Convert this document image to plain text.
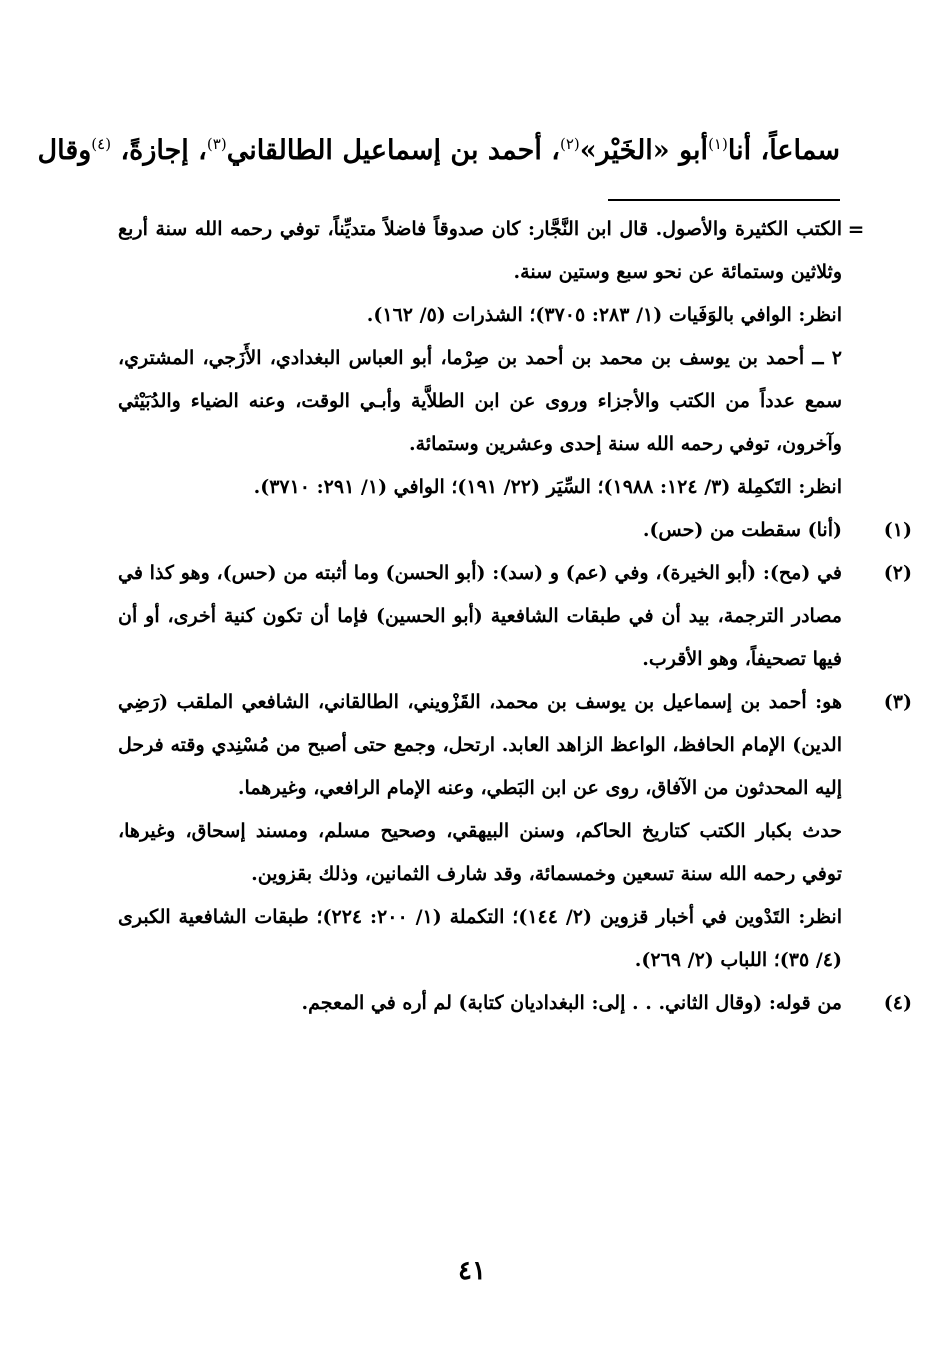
سماعاً، أنا$^{(١)}$أبو «الخَيْر»$^{(٢)}$، أحمد بن إسماعيل الطالقاني$^{(٣)}$، إجازةً، $^{(٤)}$وقال
=

الكتب الكثيرة والأصول. قال ابن النَّجَّار: كان صدوقاً فاضلاً متديِّناً، توفي رحمه الله سنة أربع وثلاثين وستمائة عن نحو سبع وستين سنة.

انظر: الوافي بالوَفَيات (١/ ٢٨٣: ٣٧٠٥)؛ الشذرات (٥/ ١٦٢).

٢ ــ أحمد بن يوسف بن محمد بن أحمد بن صِرْما، أبو العباس البغدادي، الأَزَجي، المشتري، سمع عدداً من الكتب والأجزاء وروى عن ابن الطلاَّية وأبـي الوقت، وعنه الضياء والدُبَيْثي وآخرون، توفي رحمه الله سنة إحدى وعشرين وستمائة.

انظر: التَكمِلة (٣/ ١٢٤: ١٩٨٨)؛ السِّيَر (٢٢/ ١٩١)؛ الوافي (١/ ٢٩١: ٣٧١٠).

(١)
(أنا) سقطت من (حس).

(٢)
في (مح): (أبو الخيرة)، وفي (عم) و (سد): (أبو الحسن) وما أثبته من (حس)، وهو كذا في مصادر الترجمة، بيد أن في طبقات الشافعية (أبو الحسين) فإما أن تكون كنية أخرى، أو أن فيها تصحيفاً، وهو الأقرب.

(٣)
هو: أحمد بن إسماعيل بن يوسف بن محمد، القَزْويني، الطالقاني، الشافعي الملقب (رَضِي الدين) الإمام الحافظ، الواعظ الزاهد العابد. ارتحل، وجمع حتى أصبح من مُسْنِدي وقته فرحل إليه المحدثون من الآفاق، روى عن ابن البَطي، وعنه الإمام الرافعي، وغيرهما.

حدث بكبار الكتب كتاريخ الحاكم، وسنن البيهقي، وصحيح مسلم، ومسند إسحاق، وغيرها، توفي رحمه الله سنة تسعين وخمسمائة، وقد شارف الثمانين، وذلك بقزوين.

انظر: التَدْوين في أخبار قزوين (٢/ ١٤٤)؛ التكملة (١/ ٢٠٠: ٢٢٤)؛ طبقات الشافعية الكبرى (٤/ ٣٥)؛ اللباب (٢/ ٢٦٩).

(٤)
من قوله: (وقال الثاني. . . إلى: البغداديان كتابة) لم أره في المعجم.

٤١
